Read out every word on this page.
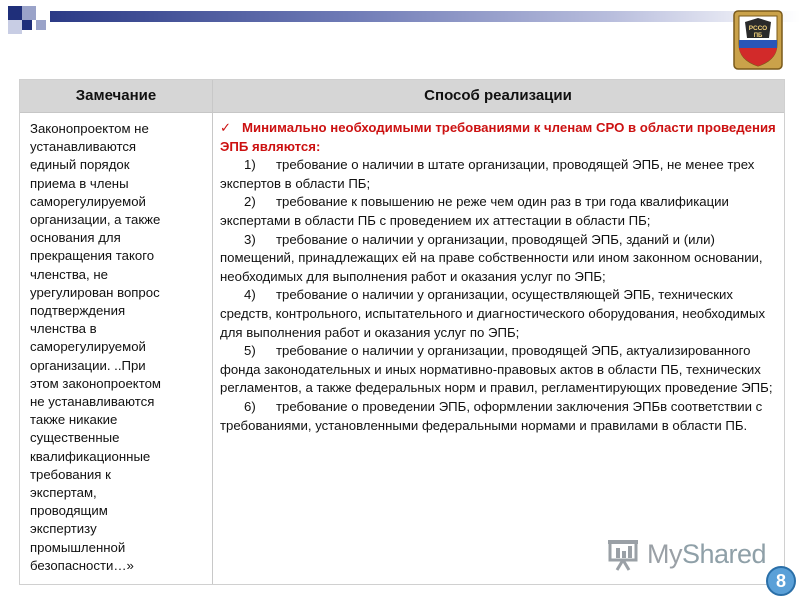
РССО
ПБ
Замечание	Способ реализации
Законопроектом не
устанавливаются
единый порядок
приема в члены
саморегулируемой
организации, а также
основания для
прекращения такого
членства, не
урегулирован вопрос
подтверждения
членства в
саморегулируемой
организации. ..При
этом законопроектом
не устанавливаются
также никакие
существенные
квалификационные
требования к
экспертам,
проводящим
экспертизу
промышленной
безопасности…»
✓ Минимально необходимыми требованиями к членам СРО в области проведения ЭПБ являются:
1) требование о наличии в штате организации, проводящей ЭПБ, не менее трех экспертов в области ПБ;
2) требование к повышению не реже чем один раз в три года квалификации экспертами в области ПБ с проведением их аттестации в области ПБ;
3) требование о наличии у организации, проводящей ЭПБ, зданий и (или) помещений, принадлежащих ей на праве собственности или ином законном основании, необходимых для выполнения работ и оказания услуг по ЭПБ;
4) требование о наличии у организации, осуществляющей ЭПБ, технических средств, контрольного, испытательного и диагностического оборудования, необходимых для выполнения работ и оказания услуг по ЭПБ;
5) требование о наличии у организации, проводящей ЭПБ, актуализированного фонда законодательных и иных нормативно-правовых актов в области ПБ, технических регламентов, а также федеральных норм и правил, регламентирующих проведение ЭПБ;
6) требование о проведении ЭПБ, оформлении заключения ЭПБв соответствии с требованиями, установленными федеральными нормами и правилами в области ПБ.
MyShared
8
